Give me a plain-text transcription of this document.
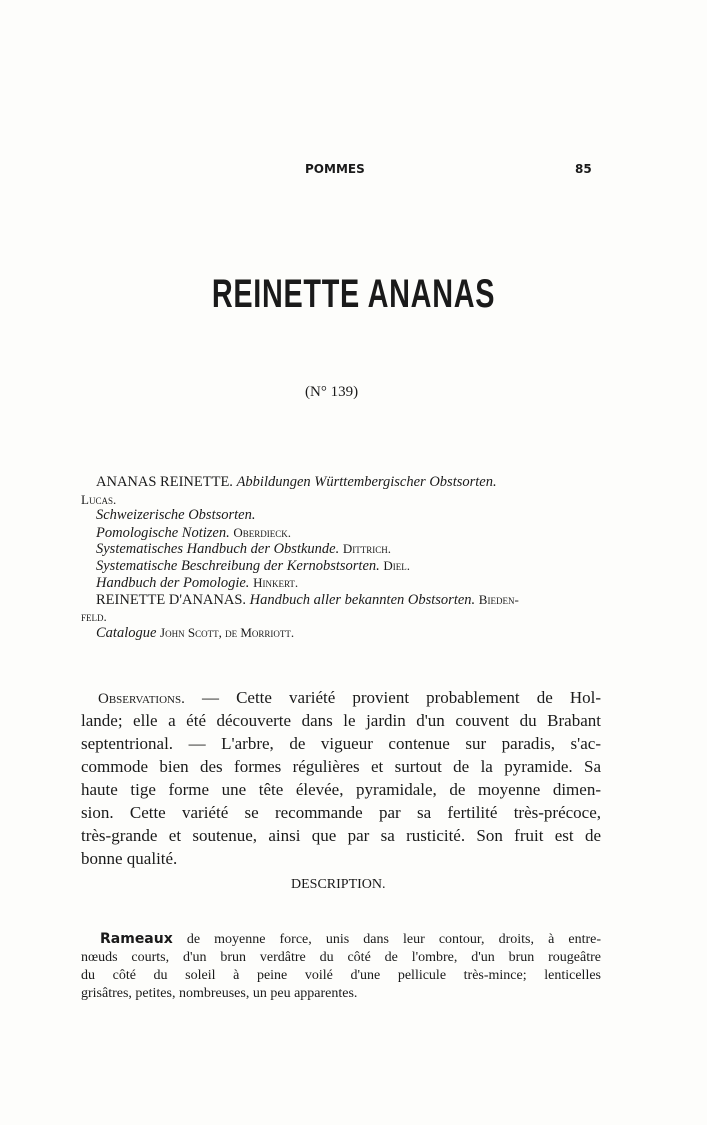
POMMES	85
REINETTE ANANAS
(N° 139)
ANANAS REINETTE. Abbildungen Württembergischer Obstsorten.
Lucas.
Schweizerische Obstsorten.
Pomologische Notizen. Oberdieck.
Systematisches Handbuch der Obstkunde. Dittrich.
Systematische Beschreibung der Kernobstsorten. Diel.
Handbuch der Pomologie. Hinkert.
REINETTE D'ANANAS. Handbuch aller bekannten Obstsorten. Bieden-
feld.
Catalogue John Scott, de Morriott.
Observations. — Cette variété provient probablement de Hol-
lande; elle a été découverte dans le jardin d'un couvent du Brabant
septentrional. — L'arbre, de vigueur contenue sur paradis, s'ac-
commode bien des formes régulières et surtout de la pyramide. Sa
haute tige forme une tête élevée, pyramidale, de moyenne dimen-
sion. Cette variété se recommande par sa fertilité très-précoce,
très-grande et soutenue, ainsi que par sa rusticité. Son fruit est de
bonne qualité.
DESCRIPTION.
Rameaux de moyenne force, unis dans leur contour, droits, à entre-
nœuds courts, d'un brun verdâtre du côté de l'ombre, d'un brun rougeâtre
du côté du soleil à peine voilé d'une pellicule très-mince; lenticelles
grisâtres, petites, nombreuses, un peu apparentes.
